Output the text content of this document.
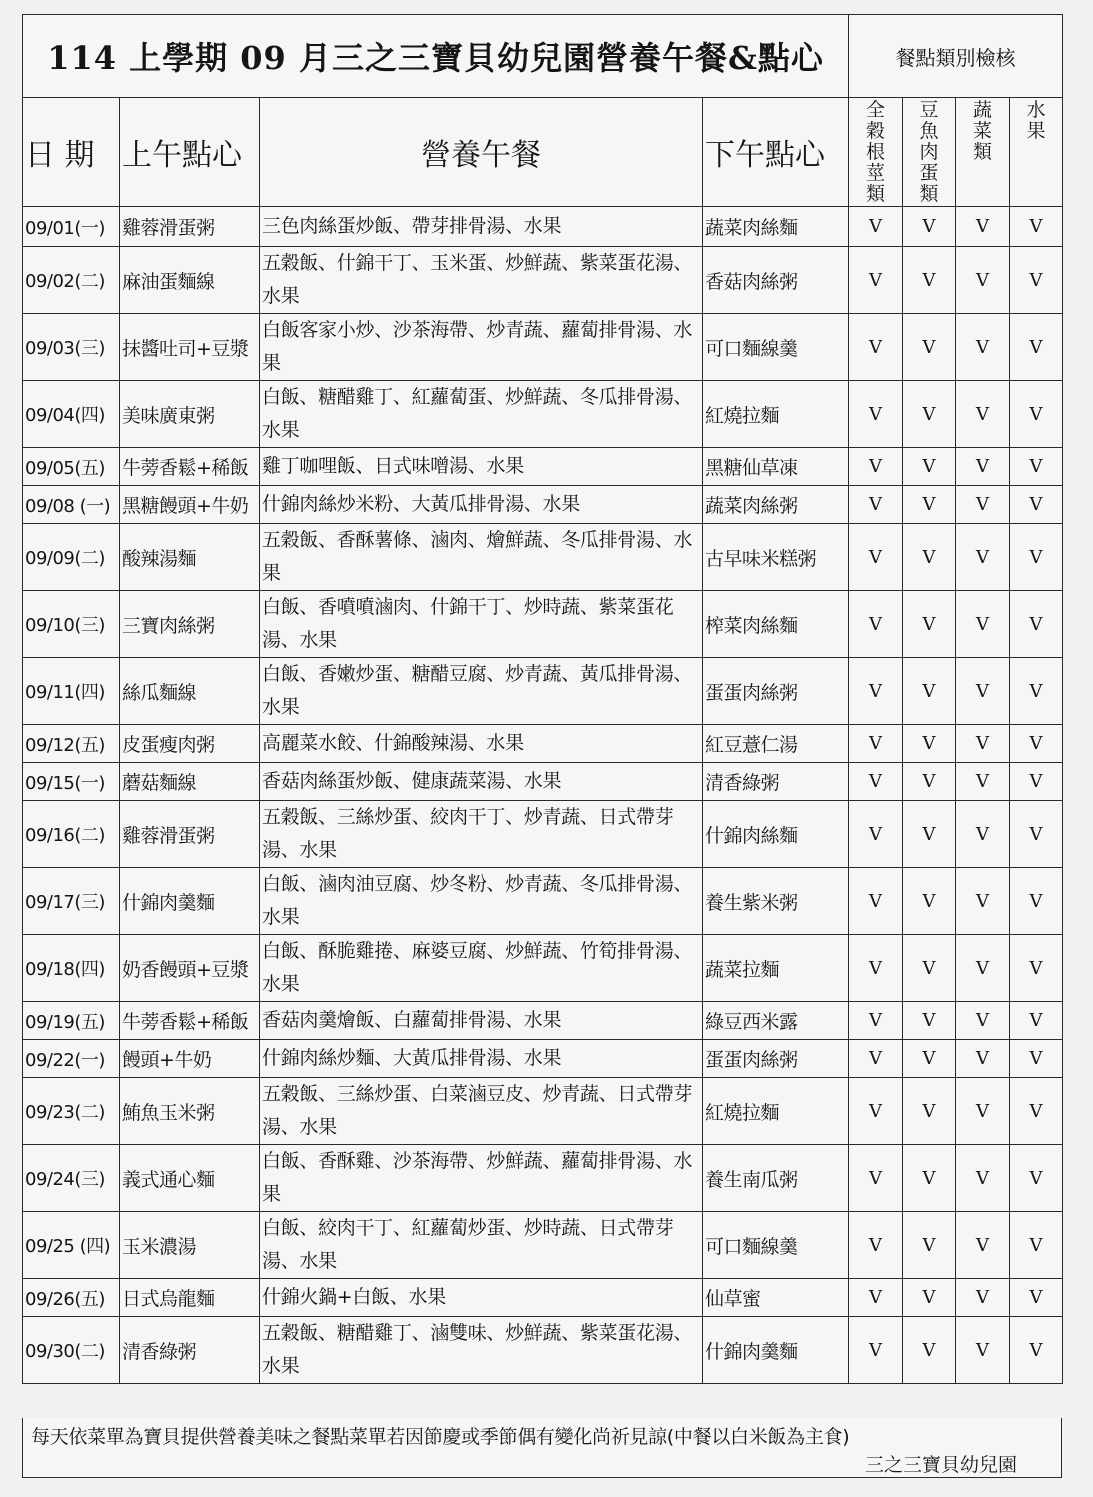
114 上學期 09 月三之三寶貝幼兒園營養午餐&點心				餐點類別檢核			
日 期	上午點心	營養午餐	下午點心	全穀根莖類	豆魚肉蛋類	蔬菜類	水果

09/01(一)	雞蓉滑蛋粥	三色肉絲蛋炒飯、帶芽排骨湯、水果	蔬菜肉絲麵	V	V	V	V
09/02(二)	麻油蛋麵線	五穀飯、什錦干丁、玉米蛋、炒鮮蔬、紫菜蛋花湯、水果	香菇肉絲粥	V	V	V	V
09/03(三)	抹醬吐司+豆漿	白飯客家小炒、沙茶海帶、炒青蔬、蘿蔔排骨湯、水果	可口麵線羹	V	V	V	V
09/04(四)	美味廣東粥	白飯、糖醋雞丁、紅蘿蔔蛋、炒鮮蔬、冬瓜排骨湯、水果	紅燒拉麵	V	V	V	V
09/05(五)	牛蒡香鬆+稀飯	雞丁咖哩飯、日式味噌湯、水果	黑糖仙草凍	V	V	V	V
09/08 (一)	黑糖饅頭+牛奶	什錦肉絲炒米粉、大黃瓜排骨湯、水果	蔬菜肉絲粥	V	V	V	V
09/09(二)	酸辣湯麵	五穀飯、香酥薯條、滷肉、燴鮮蔬、冬瓜排骨湯、水果	古早味米糕粥	V	V	V	V
09/10(三)	三寶肉絲粥	白飯、香噴噴滷肉、什錦干丁、炒時蔬、紫菜蛋花湯、水果	榨菜肉絲麵	V	V	V	V
09/11(四)	絲瓜麵線	白飯、香嫩炒蛋、糖醋豆腐、炒青蔬、黃瓜排骨湯、水果	蛋蛋肉絲粥	V	V	V	V
09/12(五)	皮蛋瘦肉粥	高麗菜水餃、什錦酸辣湯、水果	紅豆薏仁湯	V	V	V	V
09/15(一)	蘑菇麵線	香菇肉絲蛋炒飯、健康蔬菜湯、水果	清香綠粥	V	V	V	V
09/16(二)	雞蓉滑蛋粥	五穀飯、三絲炒蛋、絞肉干丁、炒青蔬、日式帶芽湯、水果	什錦肉絲麵	V	V	V	V
09/17(三)	什錦肉羹麵	白飯、滷肉油豆腐、炒冬粉、炒青蔬、冬瓜排骨湯、水果	養生紫米粥	V	V	V	V
09/18(四)	奶香饅頭+豆漿	白飯、酥脆雞捲、麻婆豆腐、炒鮮蔬、竹筍排骨湯、水果	蔬菜拉麵	V	V	V	V
09/19(五)	牛蒡香鬆+稀飯	香菇肉羹燴飯、白蘿蔔排骨湯、水果	綠豆西米露	V	V	V	V
09/22(一)	饅頭+牛奶	什錦肉絲炒麵、大黃瓜排骨湯、水果	蛋蛋肉絲粥	V	V	V	V
09/23(二)	鮪魚玉米粥	五穀飯、三絲炒蛋、白菜滷豆皮、炒青蔬、日式帶芽湯、水果	紅燒拉麵	V	V	V	V
09/24(三)	義式通心麵	白飯、香酥雞、沙茶海帶、炒鮮蔬、蘿蔔排骨湯、水果	養生南瓜粥	V	V	V	V
09/25 (四)	玉米濃湯	白飯、絞肉干丁、紅蘿蔔炒蛋、炒時蔬、日式帶芽湯、水果	可口麵線羹	V	V	V	V
09/26(五)	日式烏龍麵	什錦火鍋+白飯、水果	仙草蜜	V	V	V	V
09/30(二)	清香綠粥	五穀飯、糖醋雞丁、滷雙味、炒鮮蔬、紫菜蛋花湯、水果	什錦肉羹麵	V	V	V	V
每天依菜單為寶貝提供營養美味之餐點菜單若因節慶或季節偶有變化尚祈見諒(中餐以白米飯為主食)
三之三寶貝幼兒園
